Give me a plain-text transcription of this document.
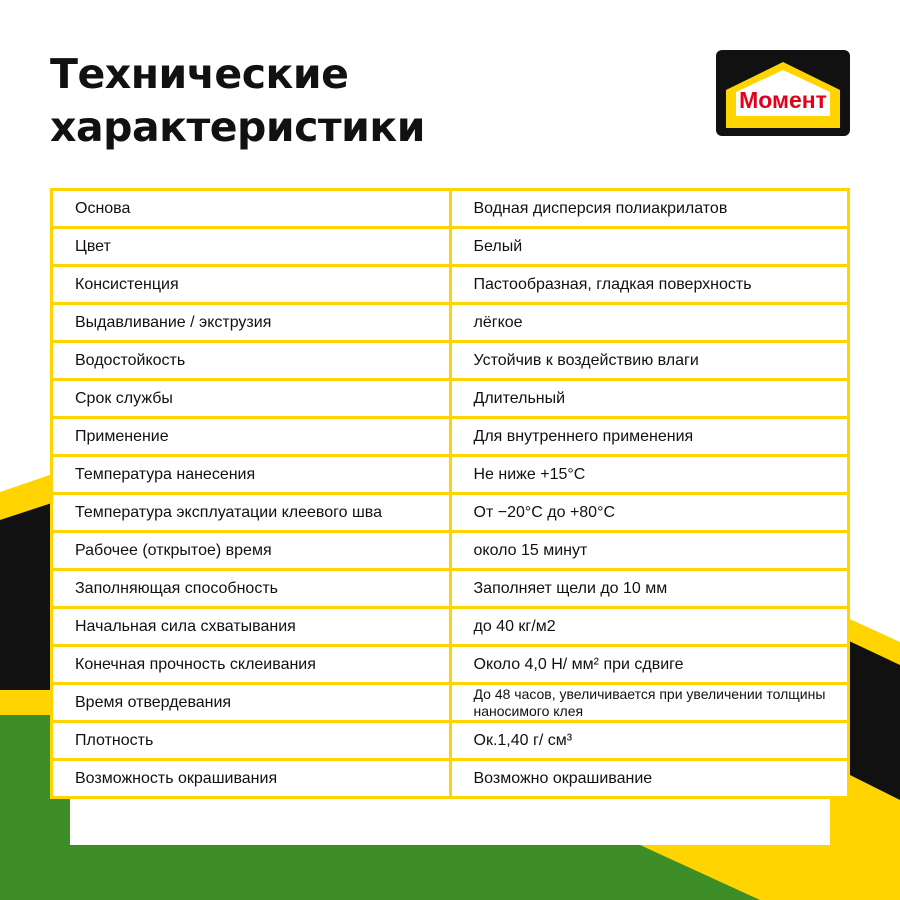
Технические
характеристики
Момент
Основа	Водная дисперсия полиакрилатов
Цвет	Белый
Консистенция	Пастообразная, гладкая поверхность
Выдавливание / экструзия	лёгкое
Водостойкость	Устойчив к воздействию влаги
Срок службы	Длительный
Применение	Для внутреннего применения
Температура нанесения	Не ниже +15°C
Температура эксплуатации клеевого шва	От −20°C до +80°C
Рабочее (открытое) время	около 15 минут
Заполняющая способность	Заполняет щели до 10 мм
Начальная сила схватывания	до 40 кг/м2
Конечная прочность склеивания	Около 4,0 Н/ мм² при сдвиге
Время отвердевания	До 48 часов, увеличивается при увеличении толщины наносимого клея
Плотность	Ок.1,40 г/ см³
Возможность окрашивания	Возможно окрашивание
